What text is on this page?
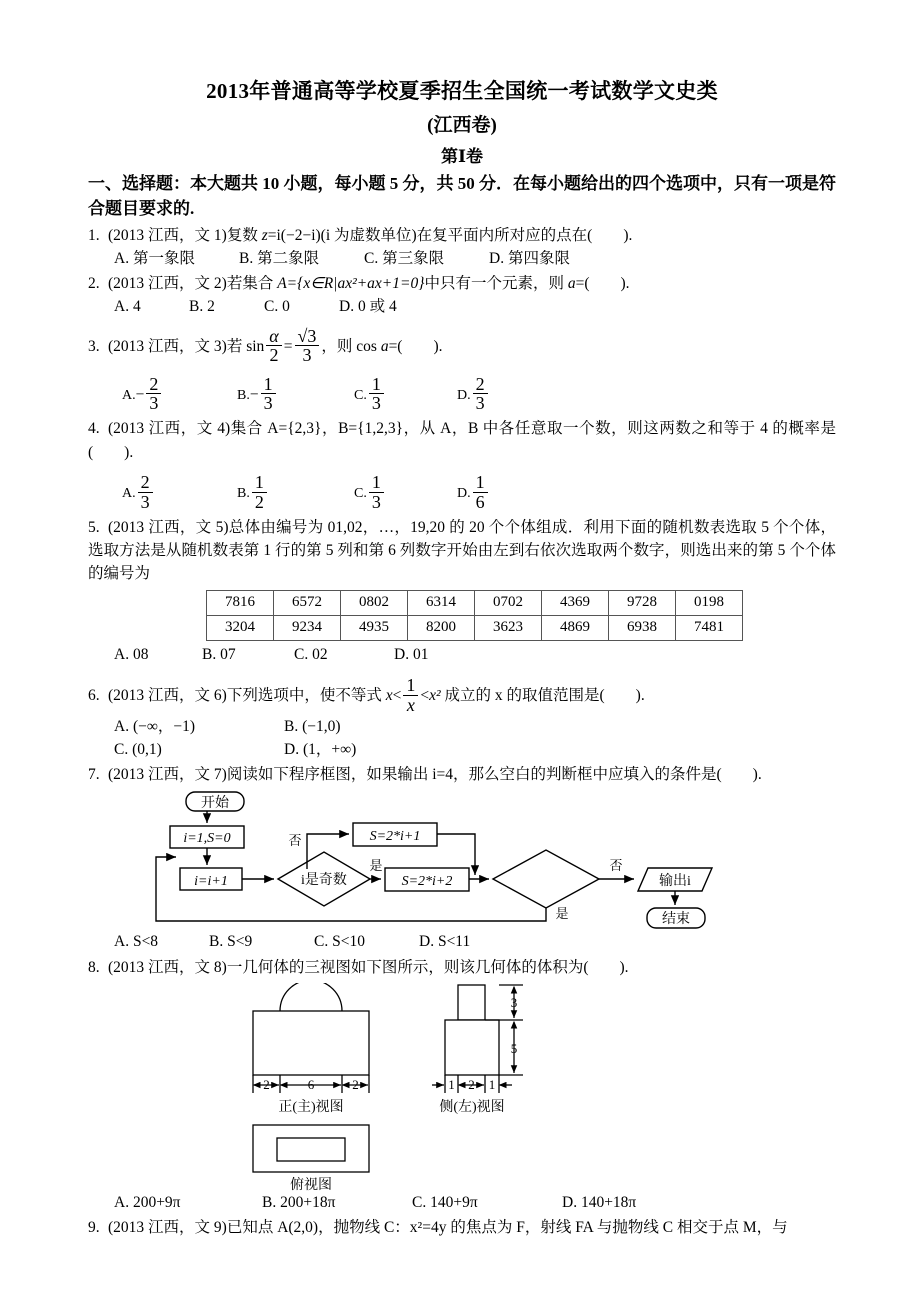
2013年普通高等学校夏季招生全国统一考试数学文史类
(江西卷)
第Ⅰ卷
一、选择题：本大题共 10 小题，每小题 5 分，共 50 分．在每小题给出的四个选项中，只有一项是符合题目要求的.
1. (2013 江西，文 1)复数 z=i(−2−i)(i 为虚数单位)在复平面内所对应的点在(　　).
A. 第一象限	B. 第二象限	C. 第三象限	D. 第四象限
2. (2013 江西，文 2)若集合 A={x∈R|ax²+ax+1=0}中只有一个元素，则 a=(　　).
A. 4	B. 2	C. 0	D. 0 或 4
3. (2013 江西，文 3)若 $\sin \frac{\alpha}{2} = \frac{√3}{3}$ ，则 cos a=(　　).
$A.- \frac{2}{3}$	$B.- \frac{1}{3}$	C. $\frac{1}{3}$	D. $\frac{2}{3}$
4. (2013 江西，文 4)集合 A={2,3}，B={1,2,3}，从 A，B 中各任意取一个数，则这两数之和等于 4 的概率是(　　).
A. $\frac{2}{3}$	B. $\frac{1}{2}$	C. $\frac{1}{3}$	D. $\frac{1}{6}$
5. (2013 江西，文 5)总体由编号为 01,02，…，19,20 的 20 个个体组成．利用下面的随机数表选取 5 个个体，选取方法是从随机数表第 1 行的第 5 列和第 6 列数字开始由左到右依次选取两个数字，则选出来的第 5 个个体的编号为
7816	6572	0802	6314	0702	4369	9728	0198
3204	9234	4935	8200	3623	4869	6938	7481
A. 08	B. 07	C. 02	D. 01
6. (2013 江西，文 6)下列选项中，使不等式 $x< \frac{1}{x} <x^2$ 成立的 x 的取值范围是(　　).
A. (−∞，−1)	B. (−1,0)
C. (0,1)	D. (1，+∞)
7. (2013 江西，文 7)阅读如下程序框图，如果输出 i=4，那么空白的判断框中应填入的条件是(　　).
开始
i=1,S=0
i=i+1	i是奇数
S=2*i+1
S=2*i+2	输出i
结束
否
是	否
是
A. S<8	B. S<9	C. S<10	D. S<11
8. (2013 江西，文 8)一几何体的三视图如下图所示，则该几何体的体积为(　　).
2	6	2
正(主)视图
3
5
1 2 1
侧(左)视图
俯视图
A. 200+9π	B. 200+18π	C. 140+9π	D. 140+18π
9. (2013 江西，文 9)已知点 A(2,0)，抛物线 C：x²=4y 的焦点为 F，射线 FA 与抛物线 C 相交于点 M，与
